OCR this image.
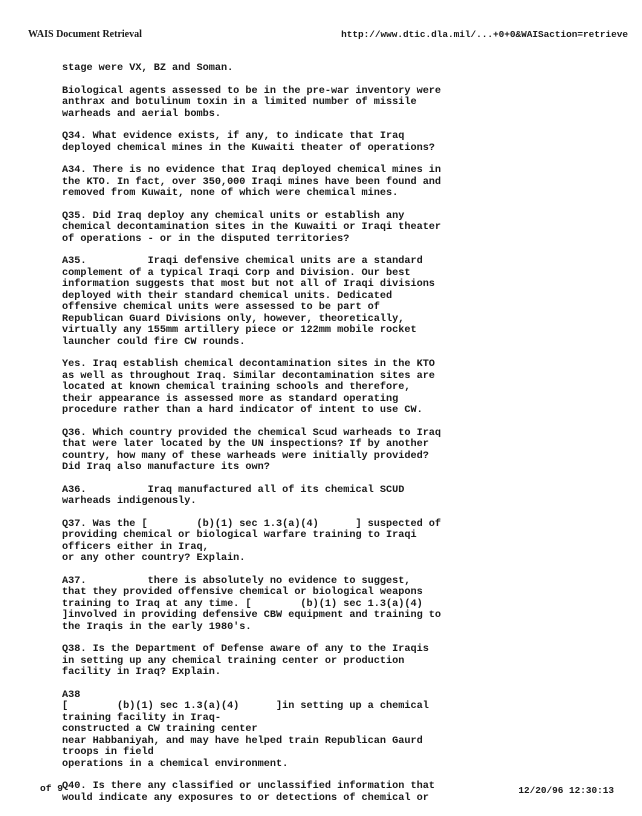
WAIS Document Retrieval	http://www.dtic.dla.mil/...+0+0&WAISaction=retrieve

stage were VX, BZ and Soman.

Biological agents assessed to be in the pre-war inventory were
anthrax and botulinum toxin in a limited number of missile
warheads and aerial bombs.

Q34. What evidence exists, if any, to indicate that Iraq
deployed chemical mines in the Kuwaiti theater of operations?

A34. There is no evidence that Iraq deployed chemical mines in
the KTO. In fact, over 350,000 Iraqi mines have been found and
removed from Kuwait, none of which were chemical mines.

Q35. Did Iraq deploy any chemical units or establish any
chemical decontamination sites in the Kuwaiti or Iraqi theater
of operations - or in the disputed territories?

A35.          Iraqi defensive chemical units are a standard
complement of a typical Iraqi Corp and Division. Our best
information suggests that most but not all of Iraqi divisions
deployed with their standard chemical units. Dedicated
offensive chemical units were assessed to be part of
Republican Guard Divisions only, however, theoretically,
virtually any 155mm artillery piece or 122mm mobile rocket
launcher could fire CW rounds.

Yes. Iraq establish chemical decontamination sites in the KTO
as well as throughout Iraq. Similar decontamination sites are
located at known chemical training schools and therefore,
their appearance is assessed more as standard operating
procedure rather than a hard indicator of intent to use CW.

Q36. Which country provided the chemical Scud warheads to Iraq
that were later located by the UN inspections? If by another
country, how many of these warheads were initially provided?
Did Iraq also manufacture its own?

A36.          Iraq manufactured all of its chemical SCUD
warheads indigenously.

Q37. Was the [        (b)(1) sec 1.3(a)(4)      ] suspected of
providing chemical or biological warfare training to Iraqi
officers either in Iraq,
or any other country? Explain.

A37.          there is absolutely no evidence to suggest,
that they provided offensive chemical or biological weapons
training to Iraq at any time. [        (b)(1) sec 1.3(a)(4)
]involved in providing defensive CBW equipment and training to
the Iraqis in the early 1980's.

Q38. Is the Department of Defense aware of any to the Iraqis
in setting up any chemical training center or production
facility in Iraq? Explain.

A38
[        (b)(1) sec 1.3(a)(4)      ]in setting up a chemical
training facility in Iraq-
constructed a CW training center
near Habbaniyah, and may have helped train Republican Gaurd
troops in field
operations in a chemical environment.

Q40. Is there any classified or unclassified information that
would indicate any exposures to or detections of chemical or

of 9	12/20/96 12:30:13
